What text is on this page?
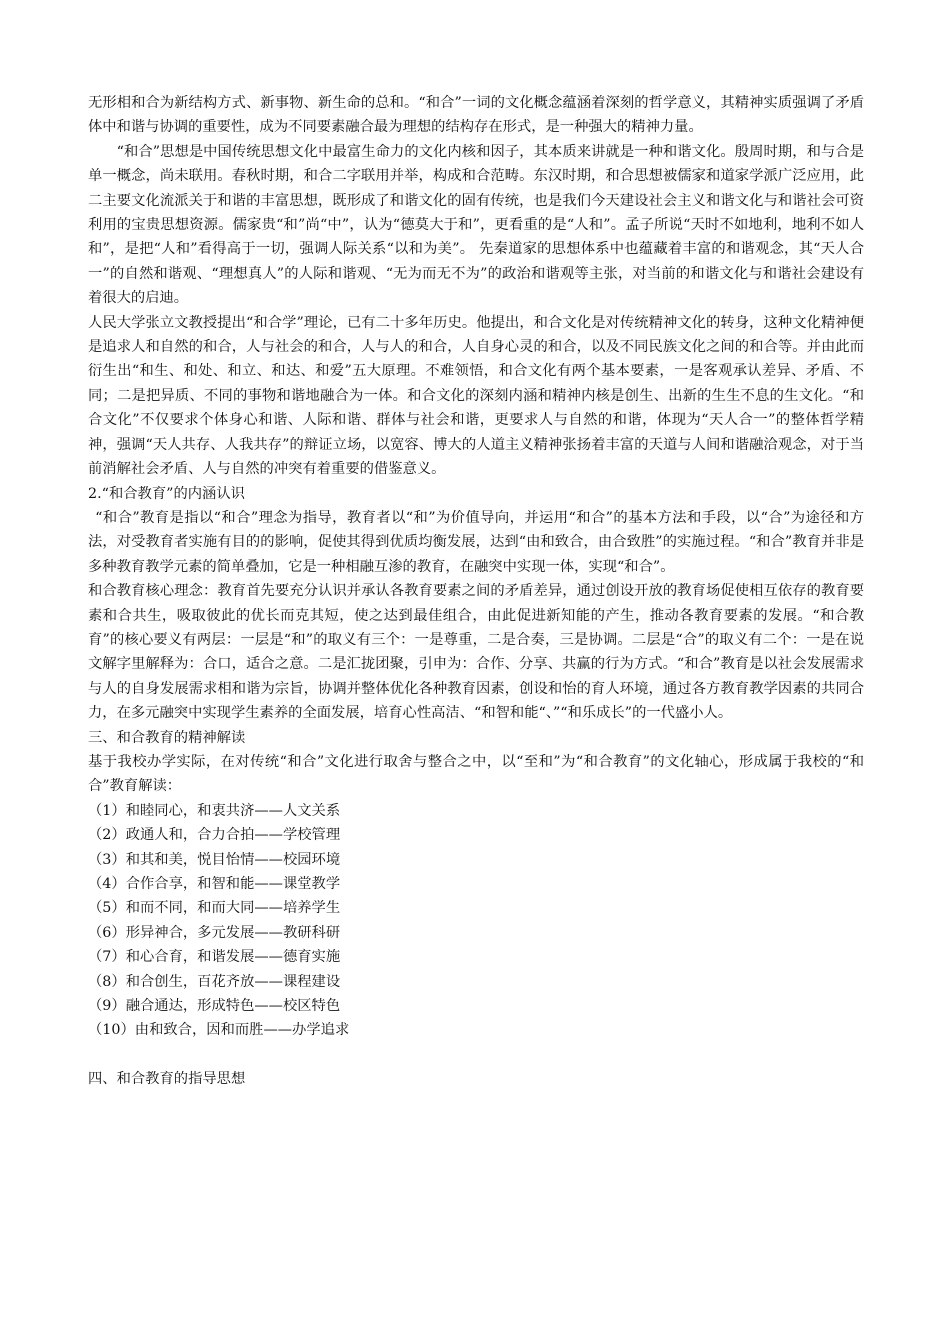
无形相和合为新结构方式、新事物、新生命的总和。“和合”一词的文化概念蕴涵着深刻的哲学意义，其精神实质强调了矛盾体中和谐与协调的重要性，成为不同要素融合最为理想的结构存在形式，是一种强大的精神力量。

“和合”思想是中国传统思想文化中最富生命力的文化内核和因子，其本质来讲就是一种和谐文化。殷周时期，和与合是单一概念，尚未联用。春秋时期，和合二字联用并举，构成和合范畴。东汉时期，和合思想被儒家和道家学派广泛应用，此二主要文化流派关于和谐的丰富思想，既形成了和谐文化的固有传统，也是我们今天建设社会主义和谐文化与和谐社会可资利用的宝贵思想资源。儒家贵“和”尚“中”，认为“德莫大于和”，更看重的是“人和”。孟子所说“天时不如地利，地利不如人和”，是把“人和”看得高于一切，强调人际关系“以和为美”。 先秦道家的思想体系中也蕴藏着丰富的和谐观念，其“天人合一”的自然和谐观、“理想真人”的人际和谐观、“无为而无不为”的政治和谐观等主张，对当前的和谐文化与和谐社会建设有着很大的启迪。

人民大学张立文教授提出“和合学”理论，已有二十多年历史。他提出，和合文化是对传统精神文化的转身，这种文化精神便是追求人和自然的和合，人与社会的和合，人与人的和合，人自身心灵的和合，以及不同民族文化之间的和合等。并由此而衍生出“和生、和处、和立、和达、和爱”五大原理。不难领悟，和合文化有两个基本要素，一是客观承认差异、矛盾、不同；二是把异质、不同的事物和谐地融合为一体。和合文化的深刻内涵和精神内核是创生、出新的生生不息的生文化。“和合文化”不仅要求个体身心和谐、人际和谐、群体与社会和谐，更要求人与自然的和谐，体现为“天人合一”的整体哲学精神，强调“天人共存、人我共存”的辩证立场，以宽容、博大的人道主义精神张扬着丰富的天道与人间和谐融洽观念，对于当前消解社会矛盾、人与自然的冲突有着重要的借鉴意义。

2.“和合教育”的内涵认识

“和合”教育是指以“和合”理念为指导，教育者以“和”为价值导向，并运用“和合”的基本方法和手段，以“合”为途径和方法，对受教育者实施有目的的影响，促使其得到优质均衡发展，达到“由和致合，由合致胜”的实施过程。“和合”教育并非是多种教育教学元素的简单叠加，它是一种相融互渗的教育，在融突中实现一体，实现“和合”。

和合教育核心理念：教育首先要充分认识并承认各教育要素之间的矛盾差异，通过创设开放的教育场促使相互依存的教育要素和合共生，吸取彼此的优长而克其短，使之达到最佳组合，由此促进新知能的产生，推动各教育要素的发展。“和合教育”的核心要义有两层：一层是“和”的取义有三个：一是尊重，二是合奏，三是协调。二层是“合”的取义有二个：一是在说文解字里解释为：合口，适合之意。二是汇拢团聚，引申为：合作、分享、共赢的行为方式。“和合”教育是以社会发展需求与人的自身发展需求相和谐为宗旨，协调并整体优化各种教育因素，创设和怡的育人环境，通过各方教育教学因素的共同合力，在多元融突中实现学生素养的全面发展，培育心性高洁、“和智和能“、”“和乐成长”的一代盛小人。

三、和合教育的精神解读

基于我校办学实际，在对传统“和合”文化进行取舍与整合之中，以“至和”为“和合教育”的文化轴心，形成属于我校的“和合”教育解读：

（1）和睦同心，和衷共济——人文关系

（2）政通人和，合力合拍——学校管理

（3）和其和美，悦目怡情——校园环境

（4）合作合享，和智和能——课堂教学

（5）和而不同，和而大同——培养学生

（6）形异神合，多元发展——教研科研

（7）和心合育，和谐发展——德育实施

（8）和合创生，百花齐放——课程建设

（9）融合通达，形成特色——校区特色

（10）由和致合，因和而胜——办学追求

四、和合教育的指导思想
